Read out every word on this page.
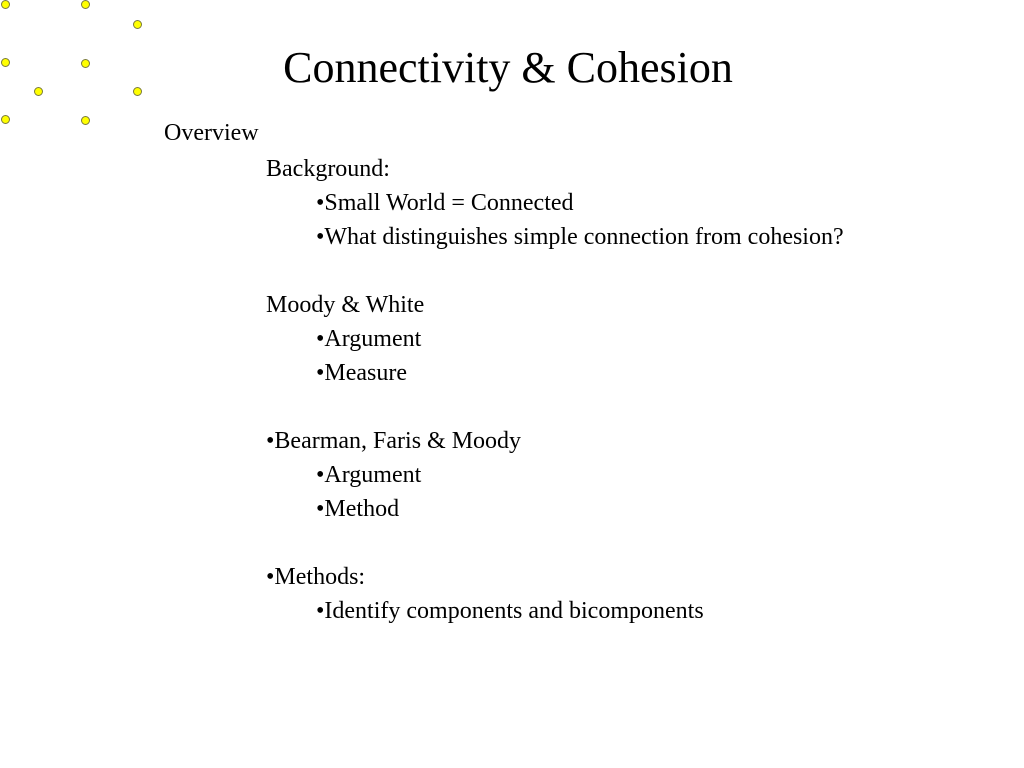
Connectivity & Cohesion
Overview
Background:
•Small World = Connected
•What distinguishes simple connection from cohesion?
Moody & White
•Argument
•Measure
•Bearman, Faris & Moody
•Argument
•Method
•Methods:
•Identify components and bicomponents
